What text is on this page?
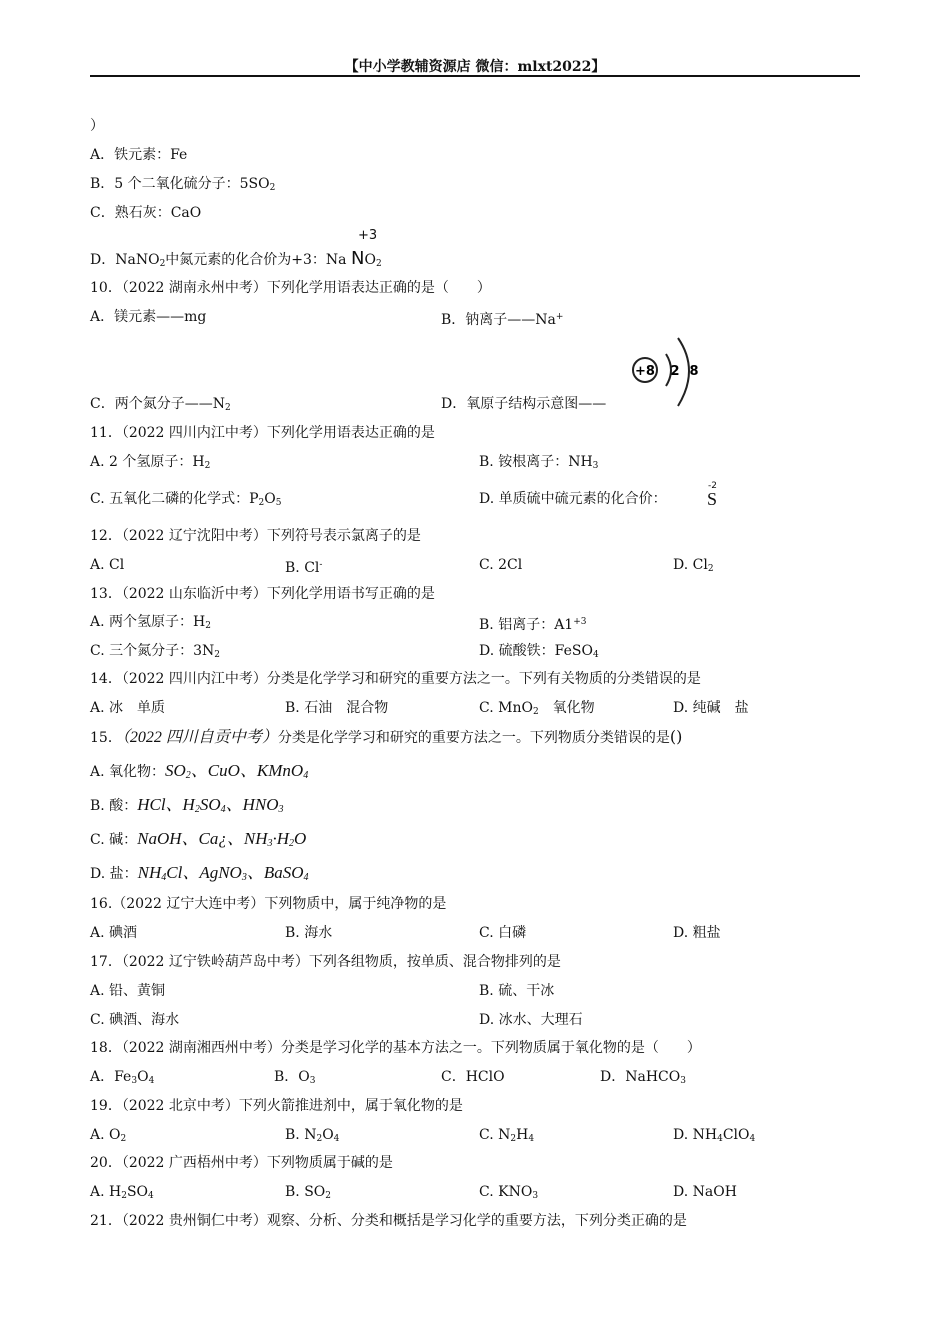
【中小学教辅资源店 微信：mlxt2022】
）
A．铁元素：Fe
B．5 个二氧化硫分子：$5SO_2$
C．熟石灰：CaO
+3
D．NaNO$_2$中氮元素的化合价为+3：Na $NO_2$
10．（2022 湖南永州中考）下列化学用语表达正确的是（　　）
A．镁元素——mg	B．钠离子——Na+
C．两个氮分子$——N_2$	D．氧原子结构示意图——
+8 2 8
11．（2022 四川内江中考）下列化学用语表达正确的是
A. 2 个氢原子：$H_2$	B. 铵根离子：$NH_3$
C. 五氧化二磷的化学式：$P_2O_5$	D. 单质硫中硫元素的化合价：
-2
S
12．（2022 辽宁沈阳中考）下列符号表示氯离子的是
A. Cl	B. Cl-	C. 2Cl	D. $Cl_2$
13．（2022 山东临沂中考）下列化学用语书写正确的是
A. 两个氢原子：$H_2$	B. 铝离子：$A1^{+3}$
C. 三个氮分子：$3N_2$	D. 硫酸铁：FeSO$_4$
14．（2022 四川内江中考）分类是化学学习和研究的重要方法之一。下列有关物质的分类错误的是
A. 冰　单质	B. 石油　混合物	C. MnO$_2$　氧化物	D. 纯碱　盐
15．（2022 四川自贡中考）分类是化学学习和研究的重要方法之一。下列物质分类错误的是()
A. 氧化物：$SO_2$、CuO、KMnO$_4$
B. 酸：HCl、$H_2SO_4$、$HNO_3$
C. 碱：NaOH、Ca¿、$NH_3\cdot H_2O$
D. 盐：$NH_4Cl$、AgNO$_3$、BaSO$_4$
16.（2022 辽宁大连中考）下列物质中，属于纯净物的是
A. 碘酒	B. 海水	C. 白磷	D. 粗盐
17．（2022 辽宁铁岭葫芦岛中考）下列各组物质，按单质、混合物排列的是
A. 铅、黄铜	B. 硫、干冰
C. 碘酒、海水	D. 冰水、大理石
18．（2022 湖南湘西州中考）分类是学习化学的基本方法之一。下列物质属于氧化物的是（　　）
A．$Fe_3O_4$	B．$O_3$	C．HClO	D．NaHCO$_3$
19．（2022 北京中考）下列火箭推进剂中，属于氧化物的是
A. $O_2$	B. $N_2O_4$	C. $N_2H_4$	D. $NH_4ClO_4$
20．（2022 广西梧州中考）下列物质属于碱的是
A. $H_2SO_4$	B. $SO_2$	C. $KNO_3$	D. NaOH
21．（2022 贵州铜仁中考）观察、分析、分类和概括是学习化学的重要方法，下列分类正确的是
